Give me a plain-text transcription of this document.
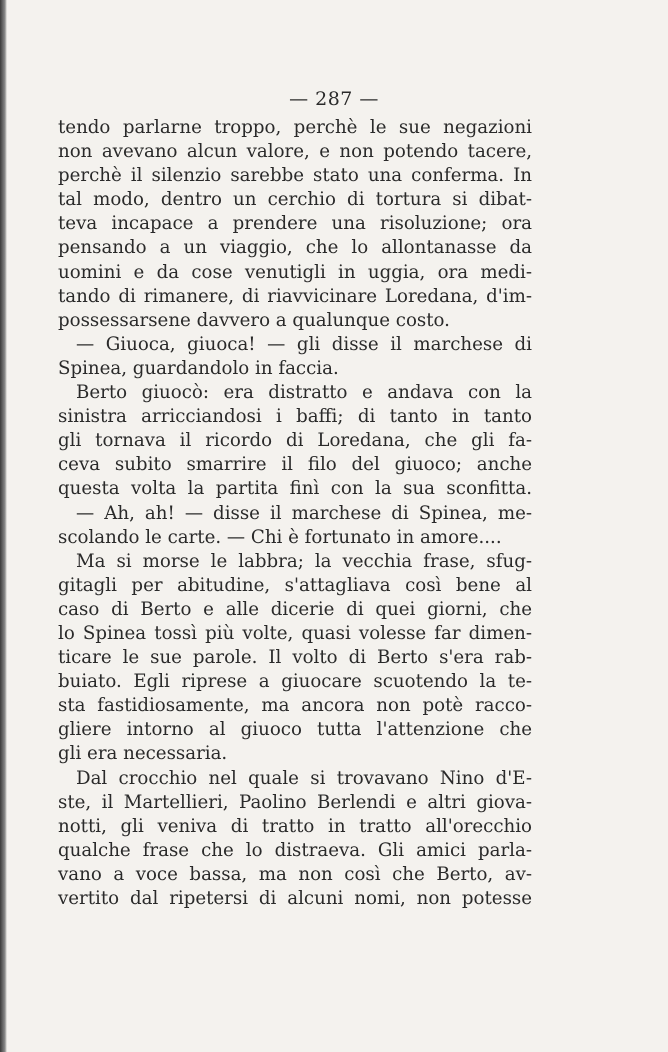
— 287 —
tendo parlarne troppo, perchè le sue negazioni
non avevano alcun valore, e non potendo tacere,
perchè il silenzio sarebbe stato una conferma. In
tal modo, dentro un cerchio di tortura si dibat-
teva incapace a prendere una risoluzione; ora
pensando a un viaggio, che lo allontanasse da
uomini e da cose venutigli in uggia, ora medi-
tando di rimanere, di riavvicinare Loredana, d'im-
possessarsene davvero a qualunque costo.
— Giuoca, giuoca! — gli disse il marchese di
Spinea, guardandolo in faccia.
Berto giuocò: era distratto e andava con la
sinistra arricciandosi i baffi; di tanto in tanto
gli tornava il ricordo di Loredana, che gli fa-
ceva subito smarrire il filo del giuoco; anche
questa volta la partita finì con la sua sconfitta.
— Ah, ah! — disse il marchese di Spinea, me-
scolando le carte. — Chi è fortunato in amore....
Ma si morse le labbra; la vecchia frase, sfug-
gitagli per abitudine, s'attagliava così bene al
caso di Berto e alle dicerie di quei giorni, che
lo Spinea tossì più volte, quasi volesse far dimen-
ticare le sue parole. Il volto di Berto s'era rab-
buiato. Egli riprese a giuocare scuotendo la te-
sta fastidiosamente, ma ancora non potè racco-
gliere intorno al giuoco tutta l'attenzione che
gli era necessaria.
Dal crocchio nel quale si trovavano Nino d'E-
ste, il Martellieri, Paolino Berlendi e altri giova-
notti, gli veniva di tratto in tratto all'orecchio
qualche frase che lo distraeva. Gli amici parla-
vano a voce bassa, ma non così che Berto, av-
vertito dal ripetersi di alcuni nomi, non potesse
